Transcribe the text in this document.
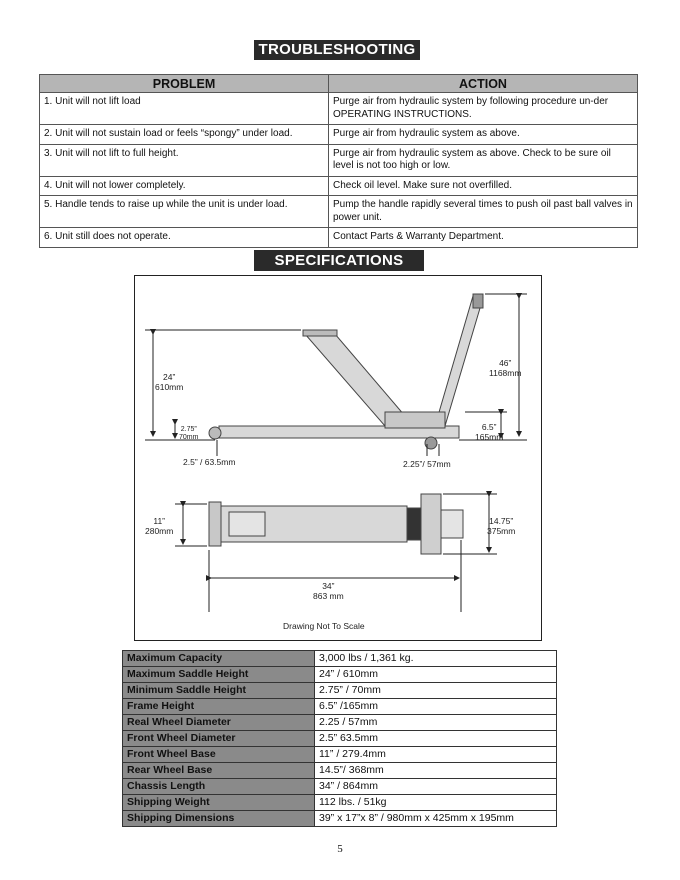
TROUBLESHOOTING
PROBLEM	ACTION
1. Unit will not lift load	Purge air from hydraulic system by following procedure un-der OPERATING INSTRUCTIONS.
2. Unit will not sustain load or feels “spongy” under load.	Purge air from hydraulic system as above.
3. Unit will not lift to full height.	Purge air from hydraulic system as above. Check to be sure oil level is not too high or low.
4. Unit will not lower completely.	Check oil level. Make sure not overfilled.
5. Handle tends to raise up while the unit is under load.	Pump the handle rapidly several times to push oil past ball valves in power unit.
6. Unit still does not operate.	Contact Parts & Warranty Department.
SPECIFICATIONS
24”
610mm
2.75”
70mm
2.5” / 63.5mm
46”
1168mm
6.5”
165mm
2.25”/ 57mm
11”
280mm
14.75”
375mm
34”
863 mm
Drawing Not To Scale
Maximum Capacity	3,000 lbs / 1,361 kg.
Maximum Saddle Height	24” / 610mm
Minimum Saddle Height	2.75” / 70mm
Frame Height	6.5” /165mm
Real Wheel Diameter	2.25 / 57mm
Front Wheel Diameter	2.5” 63.5mm
Front Wheel Base	11” / 279.4mm
Rear Wheel Base	14.5”/ 368mm
Chassis Length	34” / 864mm
Shipping Weight	112 lbs. / 51kg
Shipping Dimensions	39” x 17”x 8” / 980mm x 425mm x 195mm
5
